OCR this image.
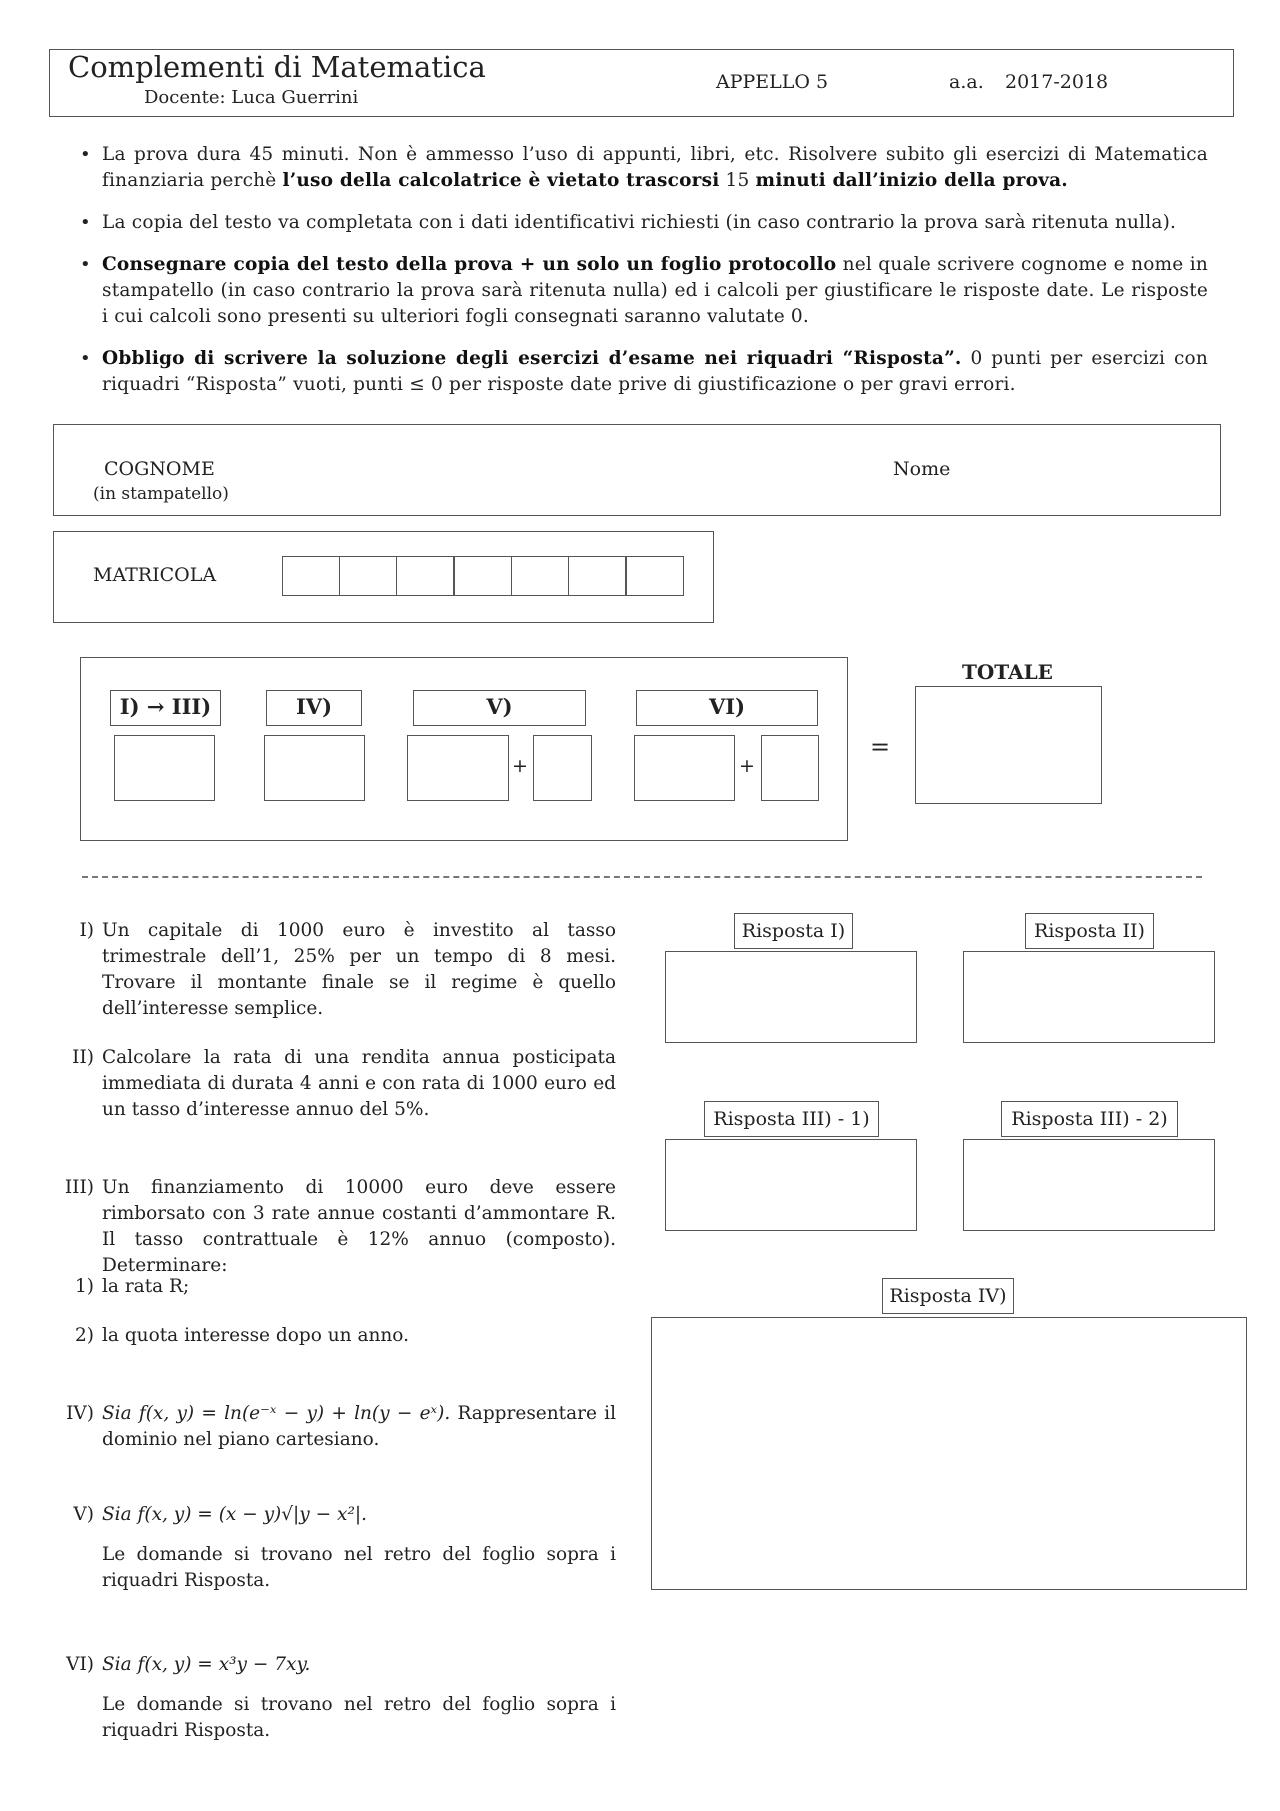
Complementi di Matematica
Docente: Luca Guerrini
APPELLO 5	a.a. 2017-2018
• La prova dura 45 minuti. Non è ammesso l’uso di appunti, libri, etc. Risolvere subito gli esercizi di Matematica finanziaria perchè l’uso della calcolatrice è vietato trascorsi 15 minuti dall’inizio della prova.
• La copia del testo va completata con i dati identificativi richiesti (in caso contrario la prova sarà ritenuta nulla).
• Consegnare copia del testo della prova + un solo un foglio protocollo nel quale scrivere cognome e nome in stampatello (in caso contrario la prova sarà ritenuta nulla) ed i calcoli per giustificare le risposte date. Le risposte i cui calcoli sono presenti su ulteriori fogli consegnati saranno valutate 0.
• Obbligo di scrivere la soluzione degli esercizi d’esame nei riquadri “Risposta”. 0 punti per esercizi con riquadri “Risposta” vuoti, punti ≤ 0 per risposte date prive di giustificazione o per gravi errori.
COGNOME
(in stampatello)
Nome
MATRICOLA
I) → III)	IV)	V)
+
VI)
+
=
TOTALE
I) Un capitale di 1000 euro è investito al tasso trimestrale dell’1, 25% per un tempo di 8 mesi. Trovare il montante finale se il regime è quello dell’interesse semplice.
II) Calcolare la rata di una rendita annua posticipata immediata di durata 4 anni e con rata di 1000 euro ed un tasso d’interesse annuo del 5%.
III) Un finanziamento di 10000 euro deve essere rimborsato con 3 rate annue costanti d’ammontare R. Il tasso contrattuale è 12% annuo (composto). Determinare:
1) la rata R;
2) la quota interesse dopo un anno.
IV) Sia f(x, y) = ln(e⁻ˣ − y) + ln(y − eˣ). Rappresentare il dominio nel piano cartesiano.
V) Sia f(x, y) = (x − y)√|y − x²|.
Le domande si trovano nel retro del foglio sopra i riquadri Risposta.
VI) Sia f(x, y) = x³y − 7xy.
Le domande si trovano nel retro del foglio sopra i riquadri Risposta.
Risposta I)	Risposta II)
Risposta III) - 1)	Risposta III) - 2)
Risposta IV)
